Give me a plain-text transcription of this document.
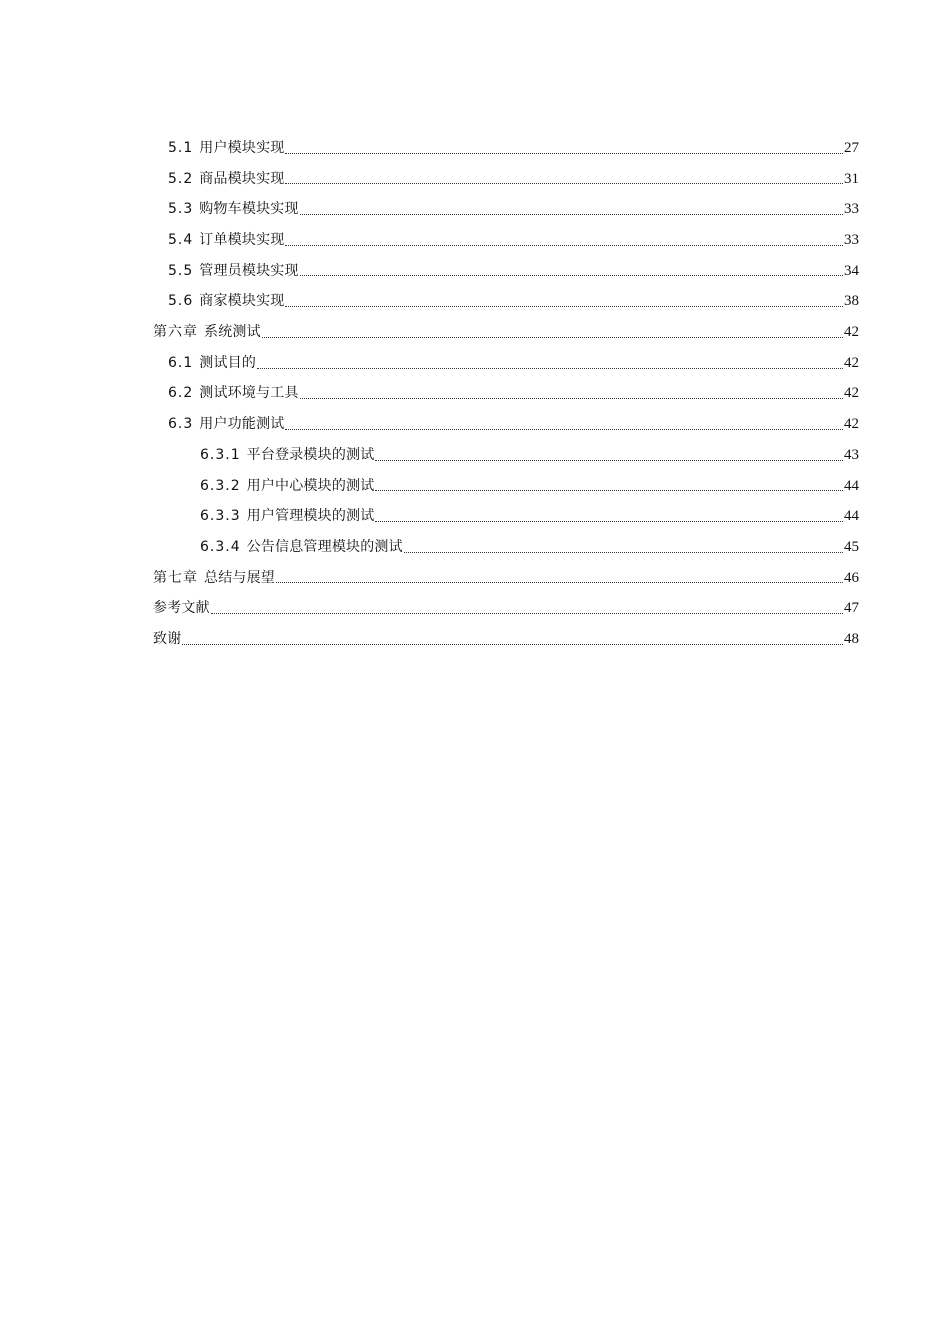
5.1 用户模块实现	27
5.2 商品模块实现	31
5.3 购物车模块实现	33
5.4 订单模块实现	33
5.5 管理员模块实现	34
5.6 商家模块实现	38
第六章 系统测试	42
6.1 测试目的	42
6.2 测试环境与工具	42
6.3 用户功能测试	42
6.3.1 平台登录模块的测试	43
6.3.2 用户中心模块的测试	44
6.3.3 用户管理模块的测试	44
6.3.4 公告信息管理模块的测试	45
第七章 总结与展望	46
参考文献	47
致谢	48
